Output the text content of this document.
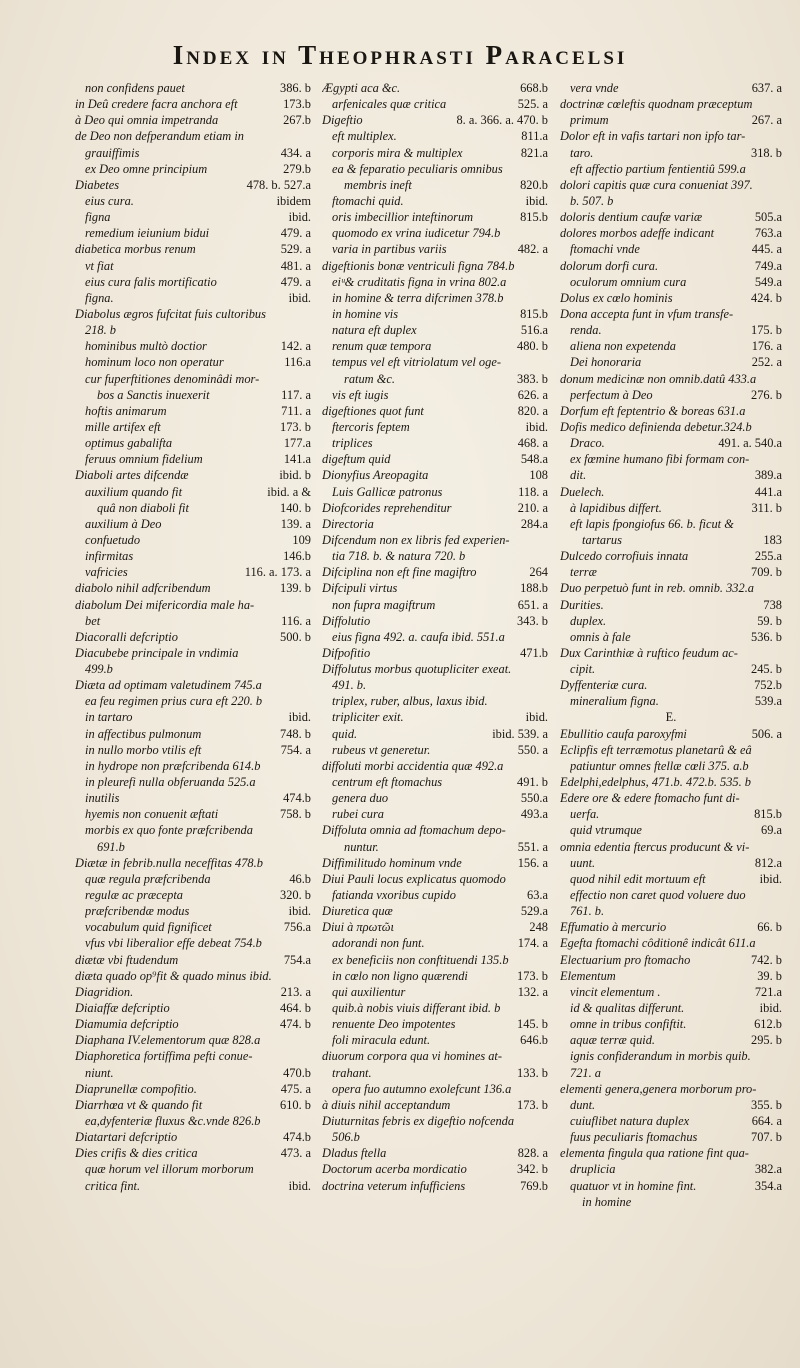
Index in Theophrasti Paracelsi
non confidens pauet	386. b
in Deû credere facra anchora eft	173.b
à Deo qui omnia impetranda	267.b
de Deo non defperandum etiam in
grauiffimis	434. a
ex Deo omne principium	279.b
Diabetes	478. b. 527.a
eius cura.	ibidem
figna	ibid.
remedium ieiunium bidui	479. a
diabetica morbus renum	529. a
vt fiat	481. a
eius cura falis mortificatio	479. a
figna.	ibid.
Diabolus ægros fufcitat fuis cultoribus
218. b
hominibus multò doctior	142. a
hominum loco non operatur	116.a
cur fuperftitiones denominâdi mor-
bos a Sanctis inuexerit	117. a
hoftis animarum	711. a
mille artifex eft	173. b
optimus gabaliftа	177.a
feruus omnium fidelium	141.a
Diaboli artes difcendæ	ibid. b
auxilium quando fit	ibid. a &
quâ non diaboli fit	140. b
auxilium à Deo	139. a
confuetudo	109
infirmitas	146.b
vafricies	116. a. 173. a
diabolo nihil adfcribendum	139. b
diabolum Dei mifericordia male ha-
bet	116. a
Diacoralli defcriptio	500. b
Diacubebe principale in vndimia
499.b
Diæta ad optimam valetudinem 745.a
ea feu regimen prius cura eft 220. b
in tartaro	ibid.
in affectibus pulmonum	748. b
in nullo morbo vtilis eft	754. a
in hydrope non præfcribenda 614.b
in pleurefi nulla obferuanda 525.a
inutilis	474.b
hyemis non conuenit æftati	758. b
morbis ex quo fonte præfcribenda
691.b
Diætæ in febrib.nulla neceffitas 478.b
quæ regula præfcribenda	46.b
regulæ ac præcepta	320. b
præfcribendæ modus	ibid.
vocabulum quid fignificet	756.a
vfus vbi liberalior effe debeat 754.b
diætæ vbi ftudendum	754.a
diæta quado op⁹fit & quado minus ibid.
Diagridion.	213. a
Diaiaffæ defcriptio	464. b
Diamumia defcriptio	474. b
Diaphana IV.elementorum quæ 828.a
Diaphoretica fortiffima pefti conue-
niunt.	470.b
Diaprunellæ compofitio.	475. a
Diarrhœa vt & quando fit	610. b
ea,dyfenteriæ fluxus &c.vnde 826.b
Diatartari defcriptio	474.b
Dies crifis & dies critica	473. a
quæ horum vel illorum morborum
critica fint.	ibid.
Ægypti aca &c.	668.b
arfenicales quæ critica	525. a
Digeftio	8. a. 366. a. 470. b
eft multiplex.	811.a
corporis mira & multiplex	821.a
ea & feparatio peculiaris omnibus
membris ineft	820.b
ftomachi quid.	ibid.
oris imbecillior inteftinorum	815.b
quomodo ex vrina iudicetur 794.b
varia in partibus variis	482. a
digeftionis bonæ ventriculi figna 784.b
eiᵘ& cruditatis figna in vrina 802.a
in homine & terra difcrimen 378.b
in homine vis	815.b
natura eft duplex	516.a
renum quæ tempora	480. b
tempus vel eft vitriolatum vel oge-
ratum &c.	383. b
vis eft iugis	626. a
digeftiones quot funt	820. a
ftercoris feptem	ibid.
triplices	468. a
digeftum quid	548.a
Dionyfius Areopagita	108
Luis Gallicæ patronus	118. a
Diofcorides reprehenditur	210. a
Directoria	284.a
Difcendum non ex libris fed experien-
tia 718. b. & natura 720. b
Difciplina non eft fine magiftro	264
Difcipuli virtus	188.b
non fupra magiftrum	651. a
Diffolutio	343. b
eius figna 492. a. caufa ibid. 551.a
Difpofitio	471.b
Diffolutus morbus quotupliciter exeat.
491. b.
triplex, ruber, albus, laxus ibid.
tripliciter exit.	ibid.
quid.	ibid. 539. a
rubeus vt generetur.	550. a
diffoluti morbi accidentia quæ 492.a
centrum eft ftomachus	491. b
genera duo	550.a
rubei cura	493.a
Diffoluta omnia ad ftomachum depo-
nuntur.	551. a
Diffimilitudo hominum vnde	156. a
Diui Pauli locus explicatus quomodo
fatianda vxoribus cupido	63.a
Diuretica quæ	529.a
Diui à πρωτῶι	248
adorandi non funt.	174. a
ex beneficiis non conftituendi 135.b
in cœlo non ligno quærendi	173. b
qui auxilientur	132. a
quib.à nobis viuis differant ibid. b
renuente Deo impotentes	145. b
foli miracula edunt.	646.b
diuorum corpora qua vi homines at-
trahant.	133. b
opera fuo autumno exolefcunt 136.a
à diuis nihil acceptandum	173. b
Diuturnitas febris ex digeftio nofcenda
506.b
Dladus ftella	828. a
Doctorum acerba mordicatio	342. b
doctrina veterum infufficiens	769.b
vera vnde	637. a
doctrinæ cœleftis quodnam præceptum
primum	267. a
Dolor eft in vafis tartari non ipfo tar-
taro.	318. b
eft affectio partium fentientiû 599.a
dolori capitis quæ cura conueniat 397.
b. 507. b
doloris dentium caufæ variæ	505.a
dolores morbos adeffe indicant	763.a
ftomachi vnde	445. a
dolorum dorfi cura.	749.a
oculorum omnium cura	549.a
Dolus ex cœlo hominis	424. b
Dona accepta funt in vfum transfe-
renda.	175. b
aliena non expetenda	176. a
Dei honoraria	252. a
donum medicinæ non omnib.datû 433.a
perfectum à Deo	276. b
Dorfum eft feptentrio & boreas 631.a
Dofis medico definienda debetur.324.b
Draco.	491. a. 540.a
ex fœmine humano fibi formam con-
dit.	389.a
Duelech.	441.a
à lapidibus differt.	311. b
eft lapis fpongiofus 66. b. ficut &
tartarus	183
Dulcedo corrofiuis innata	255.a
terræ	709. b
Duo perpetuò funt in reb. omnib. 332.a
Durities.	738
duplex.	59. b
omnis à fale	536. b
Dux Carinthiæ à ruftico feudum ac-
cipit.	245. b
Dyffenteriæ cura.	752.b
mineralium figna.	539.a
E.
Ebullitio caufa paroxyfmi	506. a
Eclipfis eft terræmotus planetarû & eâ
patiuntur omnes ftellæ cœli 375. a.b
Edelphi,edelphus, 471.b. 472.b. 535. b
Edere ore & edere ftomacho funt di-
uerfa.	815.b
quid vtrumque	69.a
omnia edentia ftercus producunt & vi-
uunt.	812.a
quod nihil edit mortuum eft	ibid.
effectio non caret quod voluere duo
761. b.
Effumatio à mercurio	66. b
Egefta ftomachi côditionê indicât 611.a
Electuarium pro ftomacho	742. b
Elementum	39. b
vincit elementum .	721.a
id & qualitas differunt.	ibid.
omne in tribus confiftit.	612.b
aquæ terræ quid.	295. b
ignis confiderandum in morbis quib.
721. a
elementi genera,genera morborum pro-
dunt.	355. b
cuiuflibet natura duplex	664. a
fuus peculiaris ftomachus	707. b
elementa fingula qua ratione fint qua-
druplicia	382.a
quatuor vt in homine fint.	354.a
in homine
